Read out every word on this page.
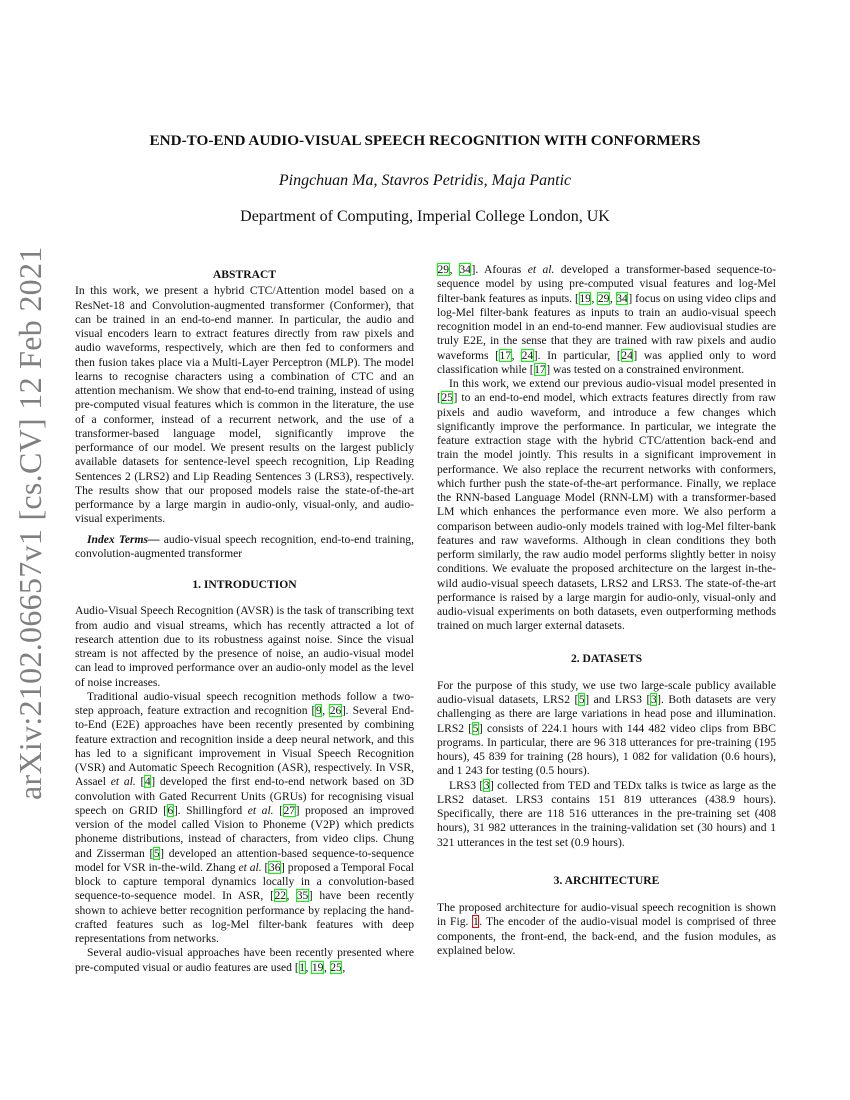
arXiv:2102.06657v1 [cs.CV] 12 Feb 2021
END-TO-END AUDIO-VISUAL SPEECH RECOGNITION WITH CONFORMERS
Pingchuan Ma, Stavros Petridis, Maja Pantic
Department of Computing, Imperial College London, UK
ABSTRACT

In this work, we present a hybrid CTC/Attention model based on a ResNet-18 and Convolution-augmented transformer (Conformer), that can be trained in an end-to-end manner. In particular, the audio and visual encoders learn to extract features directly from raw pixels and audio waveforms, respectively, which are then fed to conformers and then fusion takes place via a Multi-Layer Perceptron (MLP). The model learns to recognise characters using a combination of CTC and an attention mechanism. We show that end-to-end training, instead of using pre-computed visual features which is common in the literature, the use of a conformer, instead of a recurrent network, and the use of a transformer-based language model, significantly improve the performance of our model. We present results on the largest publicly available datasets for sentence-level speech recognition, Lip Reading Sentences 2 (LRS2) and Lip Reading Sentences 3 (LRS3), respectively. The results show that our proposed models raise the state-of-the-art performance by a large margin in audio-only, visual-only, and audio-visual experiments.

Index Terms— audio-visual speech recognition, end-to-end training, convolution-augmented transformer

1. INTRODUCTION

Audio-Visual Speech Recognition (AVSR) is the task of transcribing text from audio and visual streams, which has recently attracted a lot of research attention due to its robustness against noise. Since the visual stream is not affected by the presence of noise, an audio-visual model can lead to improved performance over an audio-only model as the level of noise increases.

Traditional audio-visual speech recognition methods follow a two-step approach, feature extraction and recognition [9, 26]. Several End-to-End (E2E) approaches have been recently presented by combining feature extraction and recognition inside a deep neural network, and this has led to a significant improvement in Visual Speech Recognition (VSR) and Automatic Speech Recognition (ASR), respectively. In VSR, Assael et al. [4] developed the first end-to-end network based on 3D convolution with Gated Recurrent Units (GRUs) for recognising visual speech on GRID [6]. Shillingford et al. [27] proposed an improved version of the model called Vision to Phoneme (V2P) which predicts phoneme distributions, instead of characters, from video clips. Chung and Zisserman [5] developed an attention-based sequence-to-sequence model for VSR in-the-wild. Zhang et al. [36] proposed a Temporal Focal block to capture temporal dynamics locally in a convolution-based sequence-to-sequence model. In ASR, [22, 35] have been recently shown to achieve better recognition performance by replacing the hand-crafted features such as log-Mel filter-bank features with deep representations from networks.

Several audio-visual approaches have been recently presented where pre-computed visual or audio features are used [1, 19, 25,

29, 34]. Afouras et al. developed a transformer-based sequence-to-sequence model by using pre-computed visual features and log-Mel filter-bank features as inputs. [19, 29, 34] focus on using video clips and log-Mel filter-bank features as inputs to train an audio-visual speech recognition model in an end-to-end manner. Few audiovisual studies are truly E2E, in the sense that they are trained with raw pixels and audio waveforms [17, 24]. In particular, [24] was applied only to word classification while [17] was tested on a constrained environment.

In this work, we extend our previous audio-visual model presented in [25] to an end-to-end model, which extracts features directly from raw pixels and audio waveform, and introduce a few changes which significantly improve the performance. In particular, we integrate the feature extraction stage with the hybrid CTC/attention back-end and train the model jointly. This results in a significant improvement in performance. We also replace the recurrent networks with conformers, which further push the state-of-the-art performance. Finally, we replace the RNN-based Language Model (RNN-LM) with a transformer-based LM which enhances the performance even more. We also perform a comparison between audio-only models trained with log-Mel filter-bank features and raw waveforms. Although in clean conditions they both perform similarly, the raw audio model performs slightly better in noisy conditions. We evaluate the proposed architecture on the largest in-the-wild audio-visual speech datasets, LRS2 and LRS3. The state-of-the-art performance is raised by a large margin for audio-only, visual-only and audio-visual experiments on both datasets, even outperforming methods trained on much larger external datasets.

2. DATASETS

For the purpose of this study, we use two large-scale publicy available audio-visual datasets, LRS2 [5] and LRS3 [3]. Both datasets are very challenging as there are large variations in head pose and illumination. LRS2 [5] consists of 224.1 hours with 144 482 video clips from BBC programs. In particular, there are 96 318 utterances for pre-training (195 hours), 45 839 for training (28 hours), 1 082 for validation (0.6 hours), and 1 243 for testing (0.5 hours).

LRS3 [3] collected from TED and TEDx talks is twice as large as the LRS2 dataset. LRS3 contains 151 819 utterances (438.9 hours). Specifically, there are 118 516 utterances in the pre-training set (408 hours), 31 982 utterances in the training-validation set (30 hours) and 1 321 utterances in the test set (0.9 hours).

3. ARCHITECTURE

The proposed architecture for audio-visual speech recognition is shown in Fig. 1. The encoder of the audio-visual model is comprised of three components, the front-end, the back-end, and the fusion modules, as explained below.
